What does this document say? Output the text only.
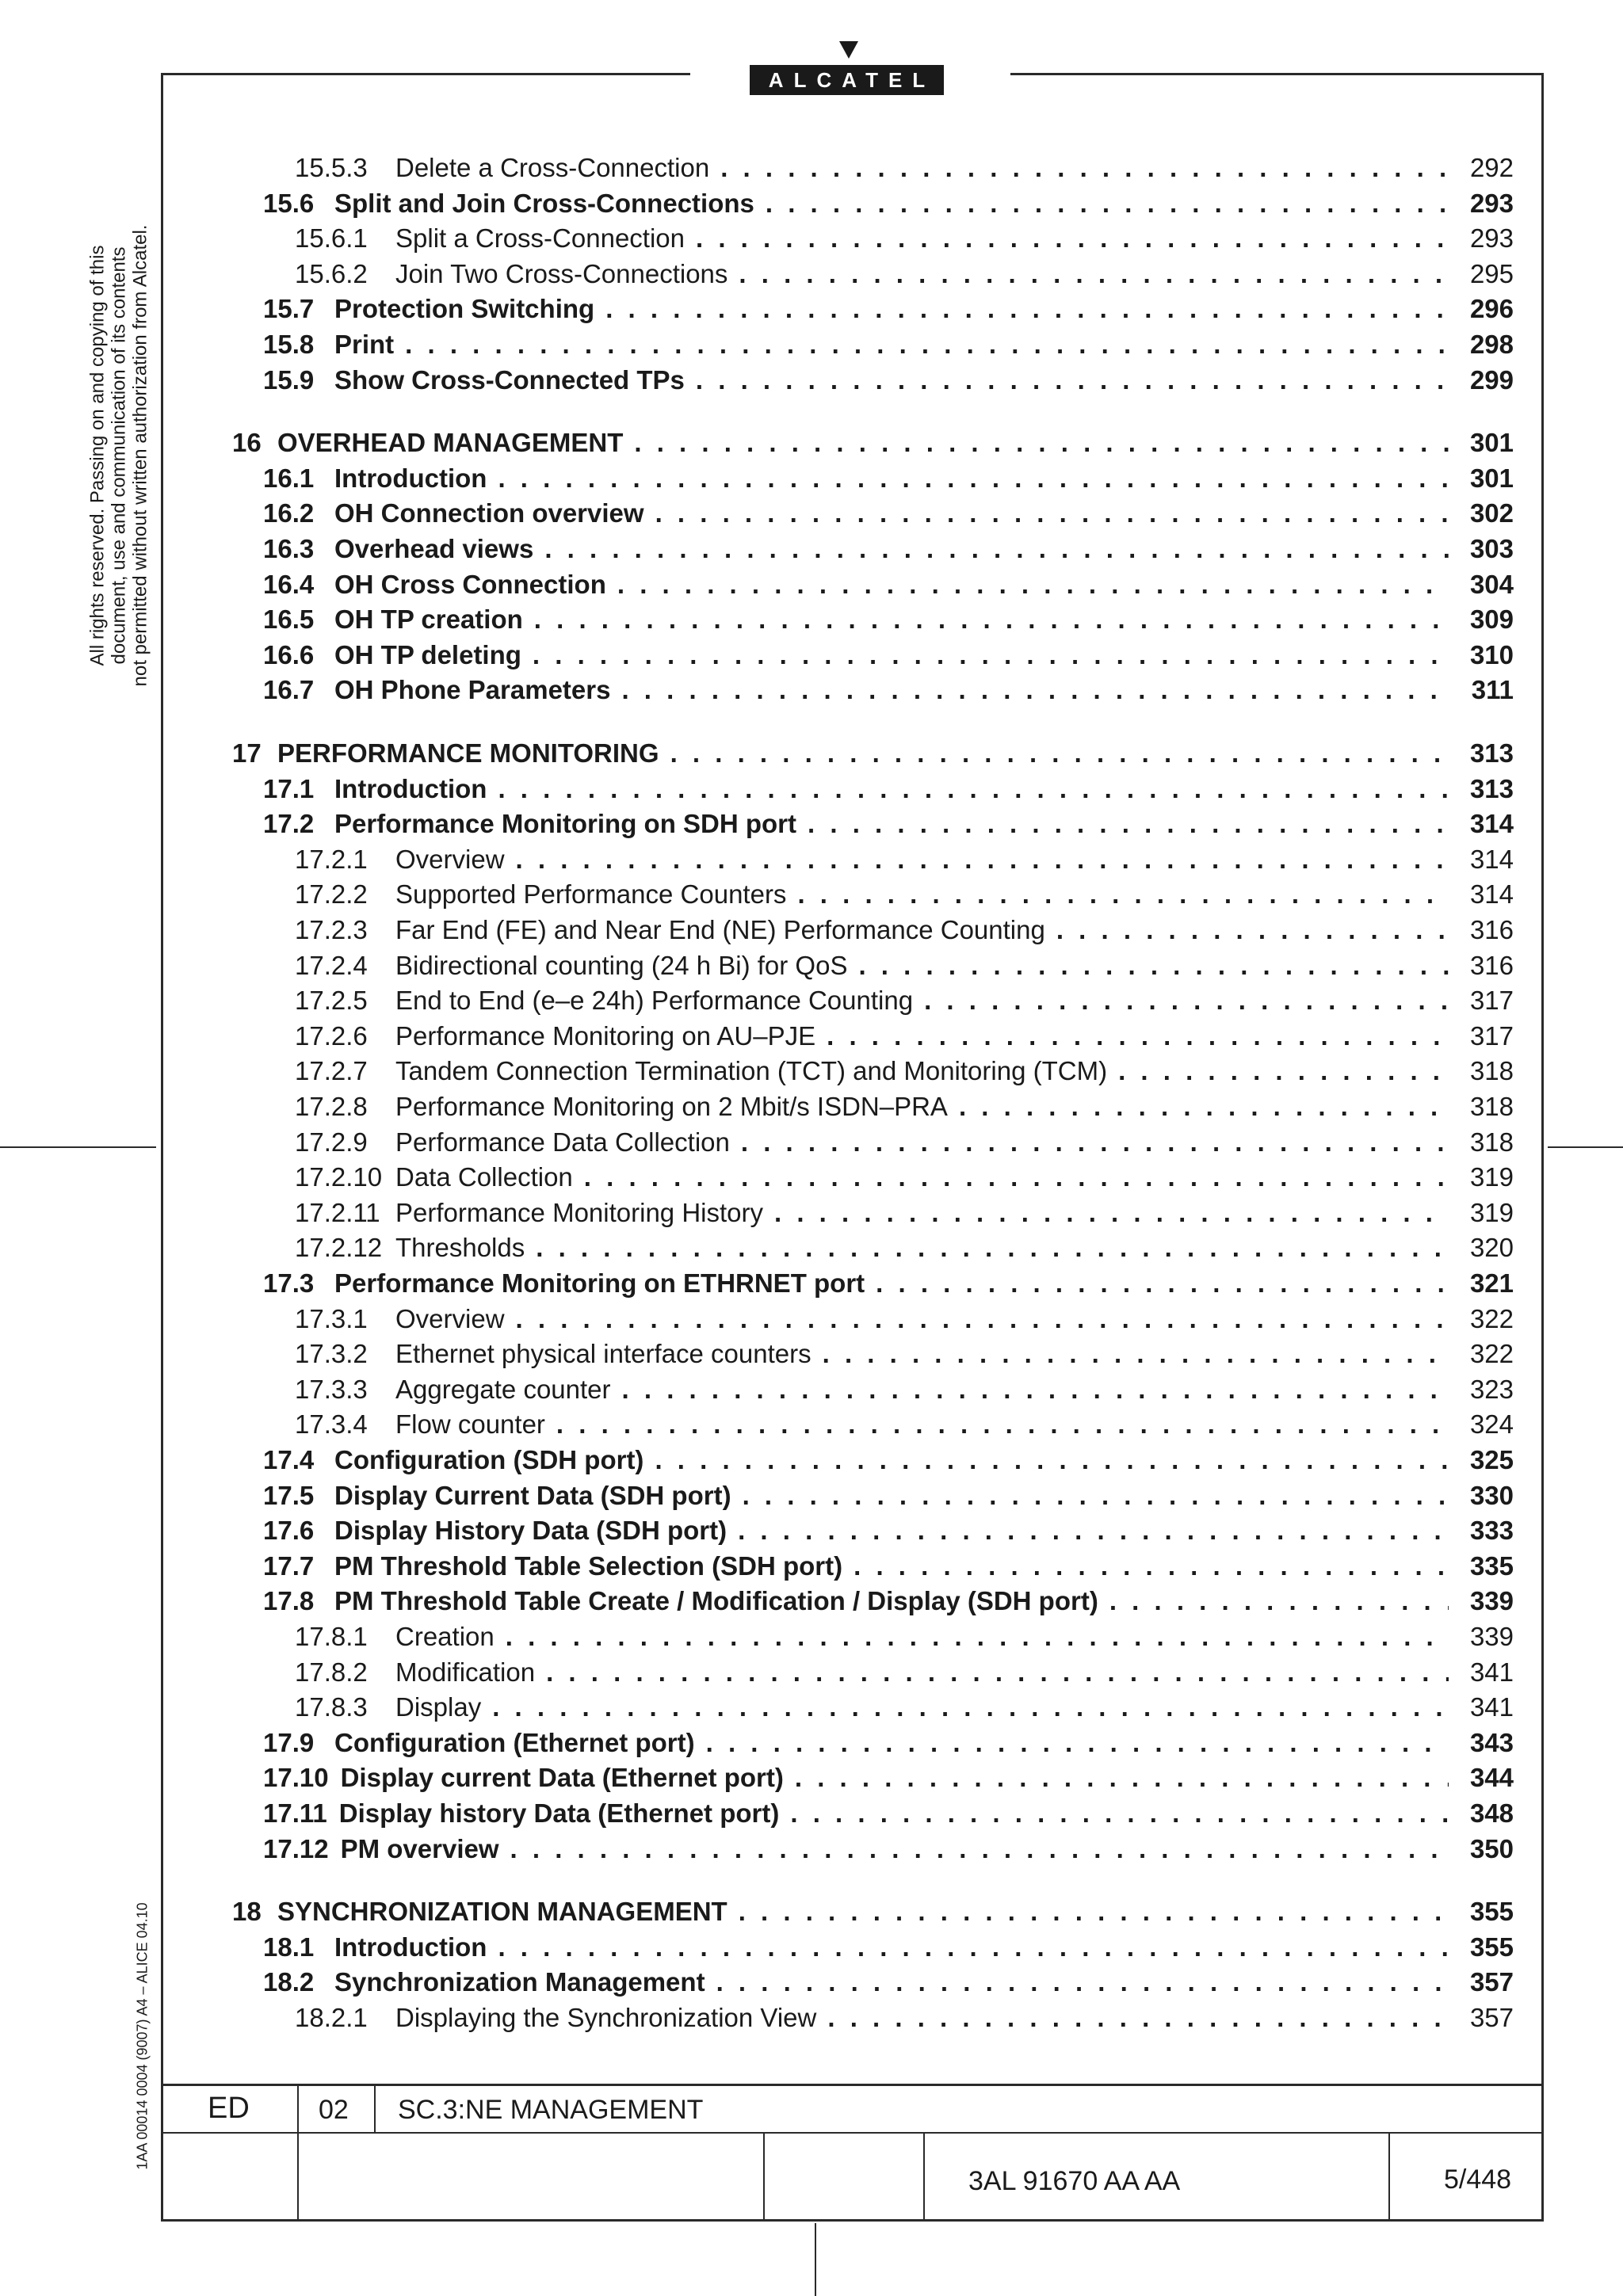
ALCATEL
All rights reserved. Passing on and copying of this document, use and communication of its contents not permitted without written authorization from Alcatel.
1AA 00014 0004 (9007) A4 – ALICE 04.10
15.5.3	Delete a Cross-Connection . . .	292
15.6 Split and Join Cross-Connections . . .	293
15.6.1	Split a Cross-Connection . . .	293
15.6.2	Join Two Cross-Connections . . .	295
15.7 Protection Switching . . .	296
15.8 Print . . .	298
15.9 Show Cross-Connected TPs . . .	299
16 OVERHEAD MANAGEMENT . . .	301
16.1 Introduction . . .	301
16.2 OH Connection overview . . .	302
16.3 Overhead views . . .	303
16.4 OH Cross Connection . . .	304
16.5 OH TP creation . . .	309
16.6 OH TP deleting . . .	310
16.7 OH Phone Parameters . . .	311
17 PERFORMANCE MONITORING . . .	313
17.1 Introduction . . .	313
17.2 Performance Monitoring on SDH port . . .	314
17.2.1	Overview . . .	314
17.2.2	Supported Performance Counters . . .	314
17.2.3	Far End (FE) and Near End (NE) Performance Counting . . .	316
17.2.4	Bidirectional counting (24 h Bi) for QoS . . .	316
17.2.5	End to End (e–e 24h) Performance Counting . . .	317
17.2.6	Performance Monitoring on AU–PJE . . .	317
17.2.7	Tandem Connection Termination (TCT) and Monitoring (TCM) . . .	318
17.2.8	Performance Monitoring on 2 Mbit/s ISDN–PRA . . .	318
17.2.9	Performance Data Collection . . .	318
17.2.10 Data Collection . . .	319
17.2.11 Performance Monitoring History . . .	319
17.2.12 Thresholds . . .	320
17.3 Performance Monitoring on ETHRNET port . . .	321
17.3.1	Overview . . .	322
17.3.2	Ethernet physical interface counters . . .	322
17.3.3	Aggregate counter . . .	323
17.3.4	Flow counter . . .	324
17.4 Configuration (SDH port) . . .	325
17.5 Display Current Data (SDH port) . . .	330
17.6 Display History Data (SDH port) . . .	333
17.7 PM Threshold Table Selection (SDH port) . . .	335
17.8 PM Threshold Table Create / Modification / Display (SDH port) . . .	339
17.8.1	Creation . . .	339
17.8.2	Modification . . .	341
17.8.3	Display . . .	341
17.9 Configuration (Ethernet port) . . .	343
17.10 Display current Data (Ethernet port) . . .	344
17.11 Display history Data (Ethernet port) . . .	348
17.12 PM overview . . .	350
18 SYNCHRONIZATION MANAGEMENT . . .	355
18.1 Introduction . . .	355
18.2 Synchronization Management . . .	357
18.2.1	Displaying the Synchronization View . . .	357
ED	02 SC.3:NE MANAGEMENT
3AL 91670 AA AA	5/448
